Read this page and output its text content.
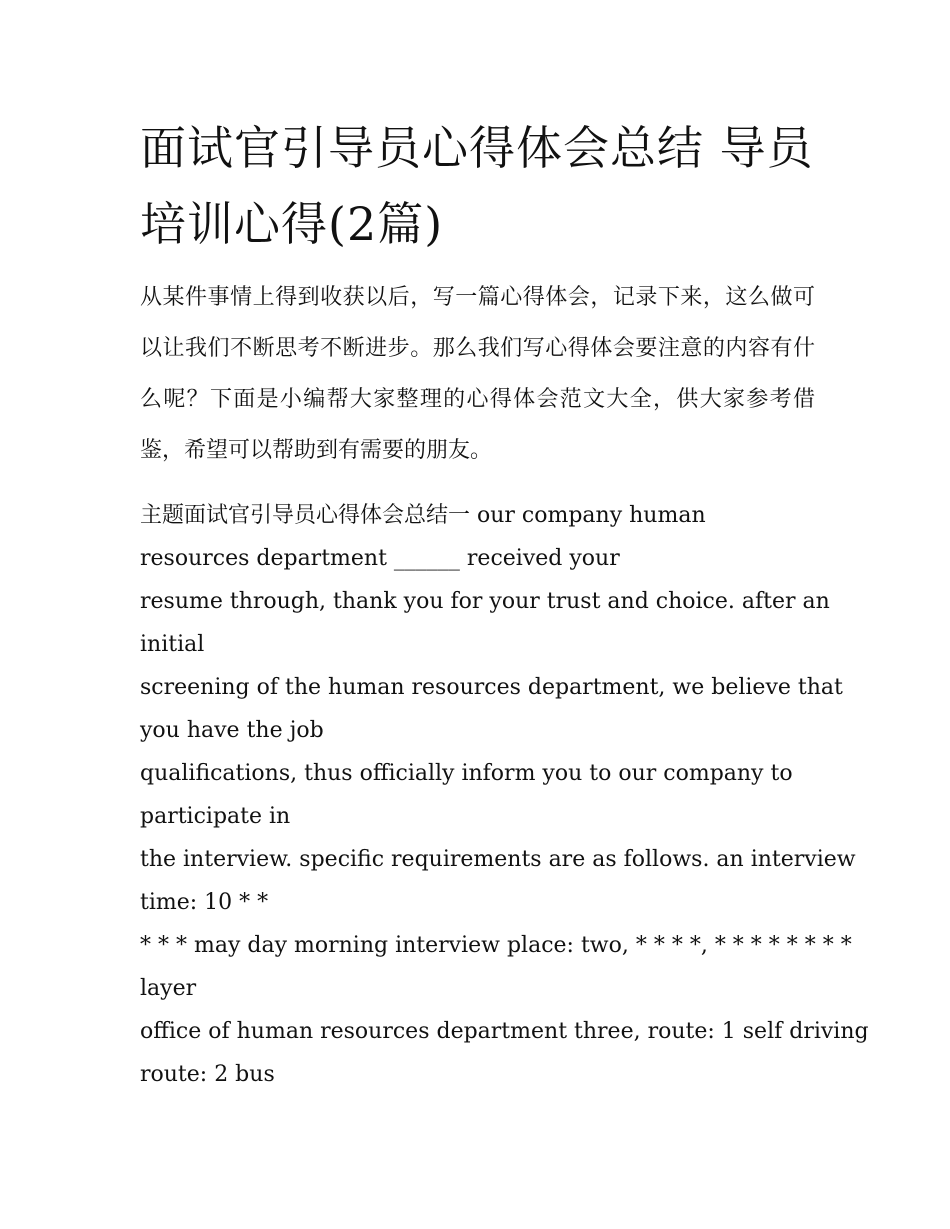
面试官引导员心得体会总结 导员培训心得(2篇)

从某件事情上得到收获以后，写一篇心得体会，记录下来，这么做可以让我们不断思考不断进步。那么我们写心得体会要注意的内容有什么呢？下面是小编帮大家整理的心得体会范文大全，供大家参考借鉴，希望可以帮助到有需要的朋友。

主题面试官引导员心得体会总结一 our company human
resources department ______ received your
resume through, thank you for your trust and choice. after an
initial
screening of the human resources department, we believe that
you have the job
qualifications, thus officially inform you to our company to
participate in
the interview. specific requirements are as follows. an interview
time: 10 * *
* * * may day morning interview place: two, * * * *, * * * * * * * *
layer
office of human resources department three, route: 1 self driving
route: 2 bus
